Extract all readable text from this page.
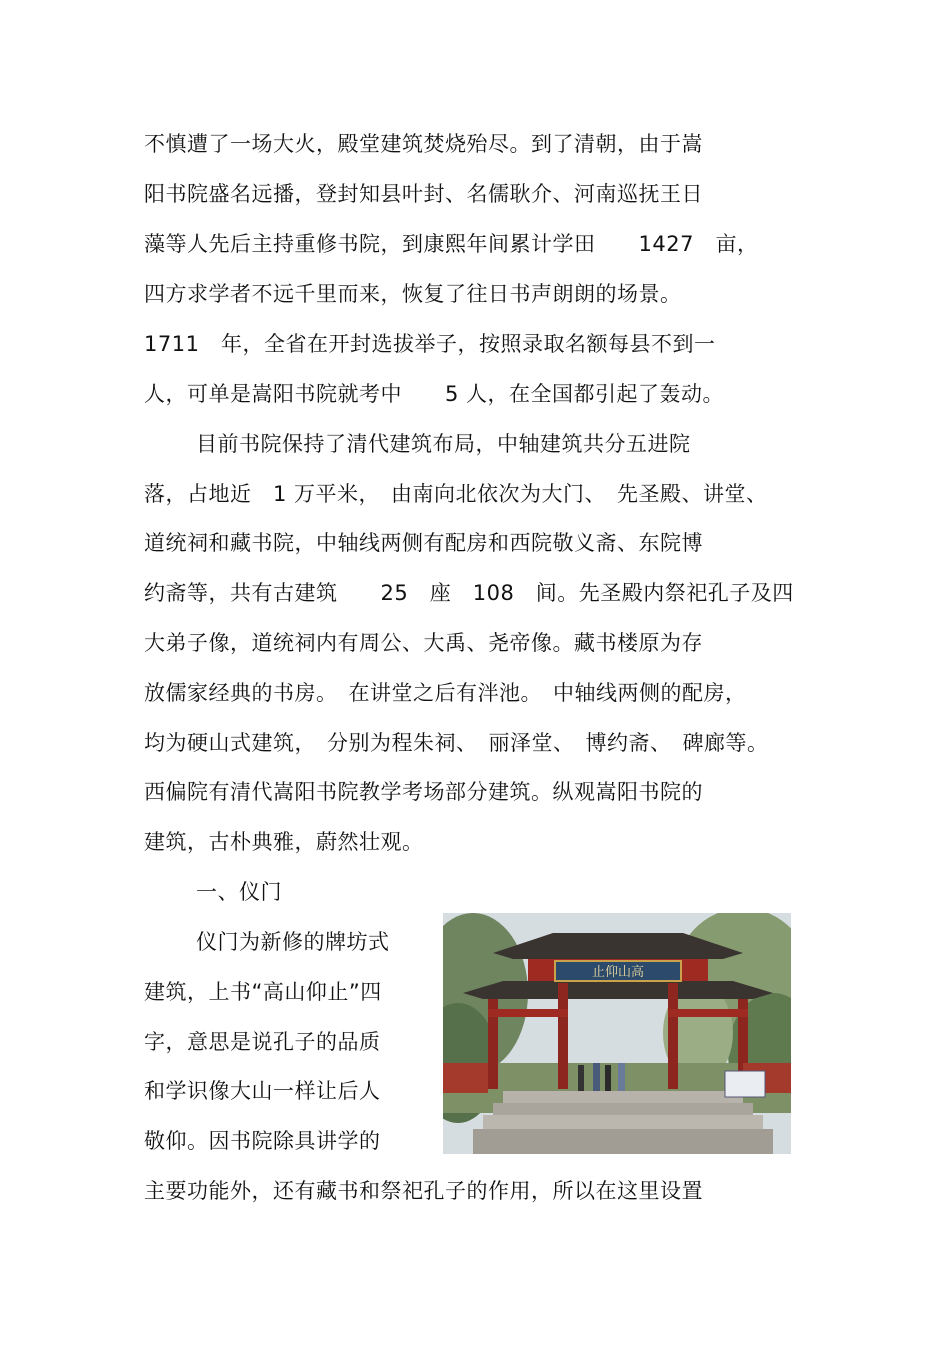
不慎遭了一场大火，殿堂建筑焚烧殆尽。到了清朝，由于嵩
阳书院盛名远播，登封知县叶封、名儒耿介、河南巡抚王日
藻等人先后主持重修书院，到康熙年间累计学田　　1427　亩，
四方求学者不远千里而来，恢复了往日书声朗朗的场景。
1711　年，全省在开封选拔举子，按照录取名额每县不到一
人，可单是嵩阳书院就考中　　5 人，在全国都引起了轰动。
目前书院保持了清代建筑布局，中轴建筑共分五进院
落，占地近　1 万平米，　由南向北依次为大门、　先圣殿、讲堂、
道统祠和藏书院，中轴线两侧有配房和西院敬义斋、东院博
约斋等，共有古建筑　　25　座　108　间。先圣殿内祭祀孔子及四
大弟子像，道统祠内有周公、大禹、尧帝像。藏书楼原为存
放儒家经典的书房。　在讲堂之后有泮池。　中轴线两侧的配房，
均为硬山式建筑，　分别为程朱祠、　丽泽堂、　博约斋、　碑廊等。
西偏院有清代嵩阳书院教学考场部分建筑。纵观嵩阳书院的
建筑，古朴典雅，蔚然壮观。
一、仪门
仪门为新修的牌坊式
建筑，上书“高山仰止”四
字，意思是说孔子的品质
和学识像大山一样让后人
敬仰。因书院除具讲学的
主要功能外，还有藏书和祭祀孔子的作用，所以在这里设置
止仰山高
